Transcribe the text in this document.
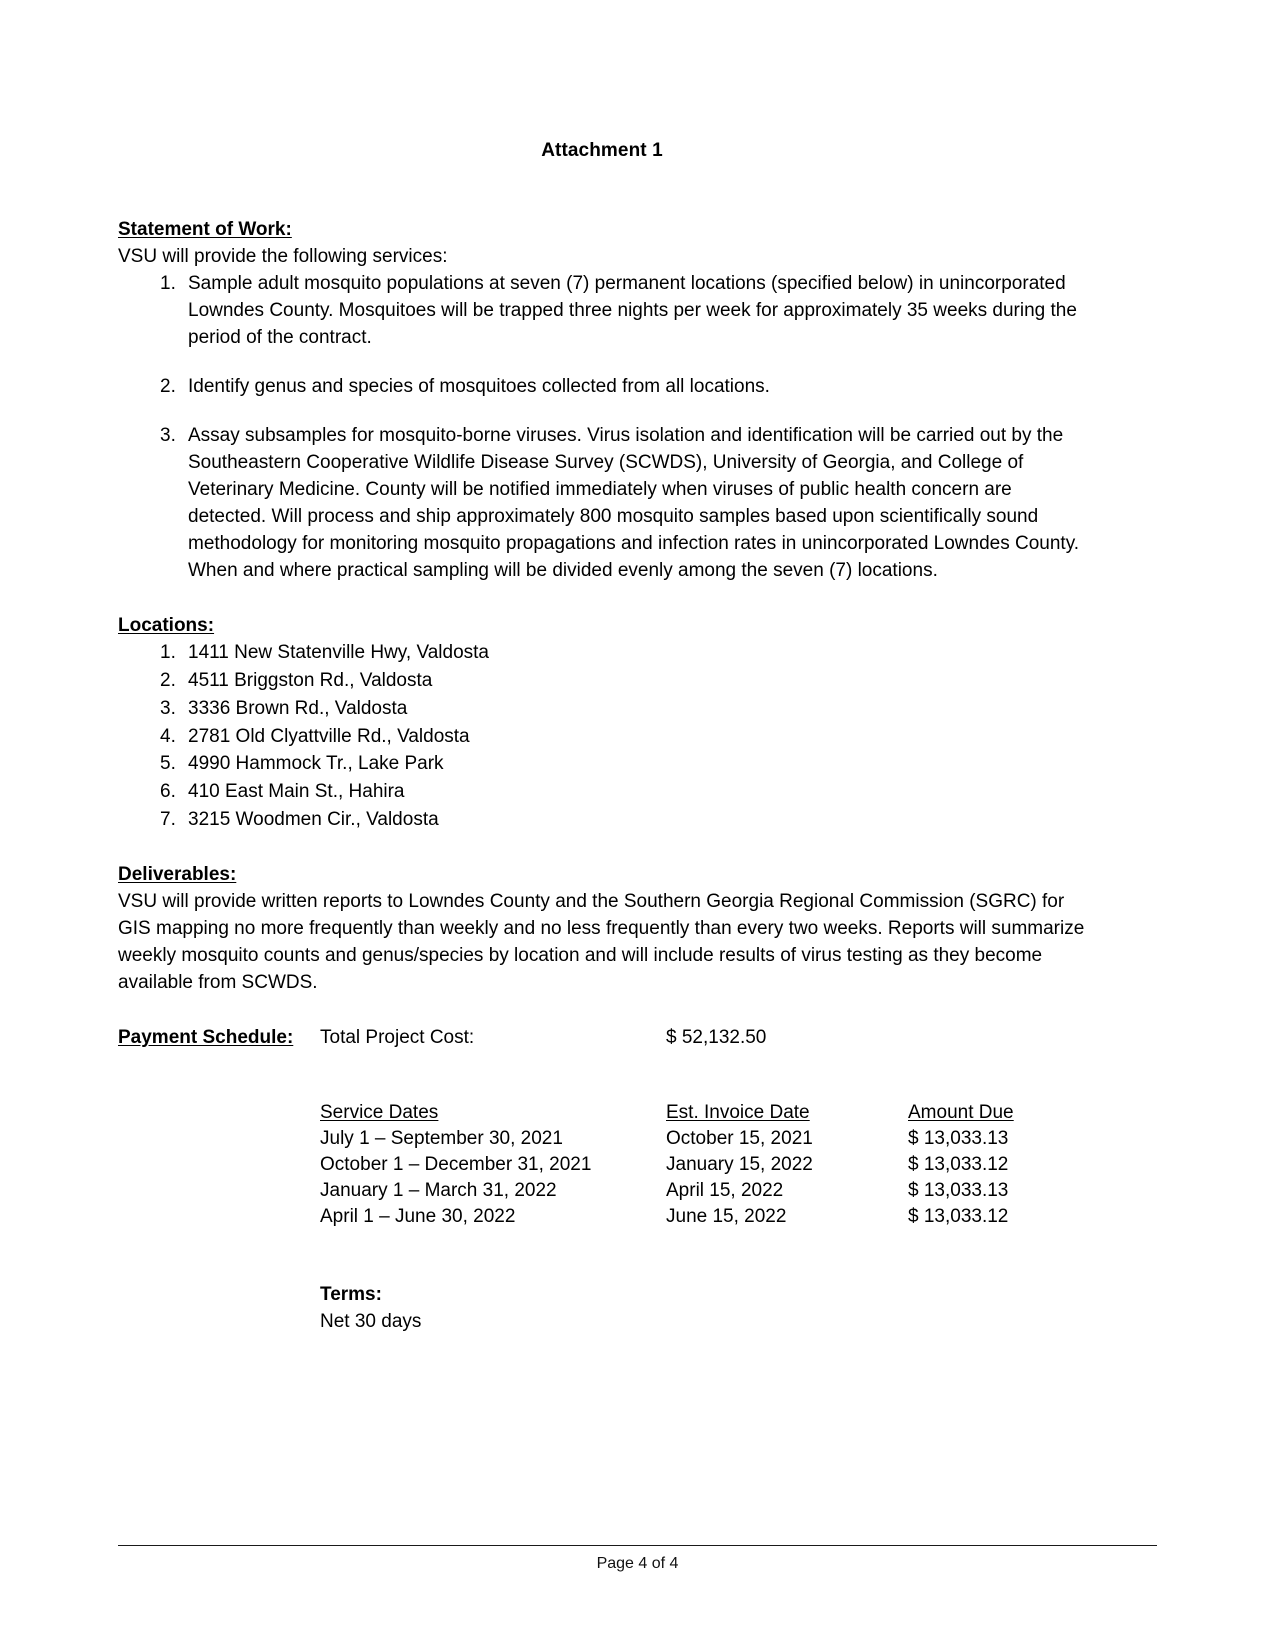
Attachment 1
Statement of Work:
VSU will provide the following services:
1. Sample adult mosquito populations at seven (7) permanent locations (specified below) in unincorporated Lowndes County. Mosquitoes will be trapped three nights per week for approximately 35 weeks during the period of the contract.
2. Identify genus and species of mosquitoes collected from all locations.
3. Assay subsamples for mosquito-borne viruses. Virus isolation and identification will be carried out by the Southeastern Cooperative Wildlife Disease Survey (SCWDS), University of Georgia, and College of Veterinary Medicine. County will be notified immediately when viruses of public health concern are detected. Will process and ship approximately 800 mosquito samples based upon scientifically sound methodology for monitoring mosquito propagations and infection rates in unincorporated Lowndes County. When and where practical sampling will be divided evenly among the seven (7) locations.
Locations:
1. 1411 New Statenville Hwy, Valdosta
2. 4511 Briggston Rd., Valdosta
3. 3336 Brown Rd., Valdosta
4. 2781 Old Clyattville Rd., Valdosta
5. 4990 Hammock Tr., Lake Park
6. 410 East Main St., Hahira
7. 3215 Woodmen Cir., Valdosta
Deliverables:
VSU will provide written reports to Lowndes County and the Southern Georgia Regional Commission (SGRC) for GIS mapping no more frequently than weekly and no less frequently than every two weeks. Reports will summarize weekly mosquito counts and genus/species by location and will include results of virus testing as they become available from SCWDS.
Payment Schedule: Total Project Cost:	$ 52,132.50
Service Dates	Est. Invoice Date	Amount Due
July 1 – September 30, 2021	October 15, 2021	$ 13,033.13
October 1 – December 31, 2021	January 15, 2022	$ 13,033.12
January 1 – March 31, 2022	April 15, 2022	$ 13,033.13
April 1 – June 30, 2022	June 15, 2022	$ 13,033.12
Terms:
Net 30 days
Page 4 of 4
